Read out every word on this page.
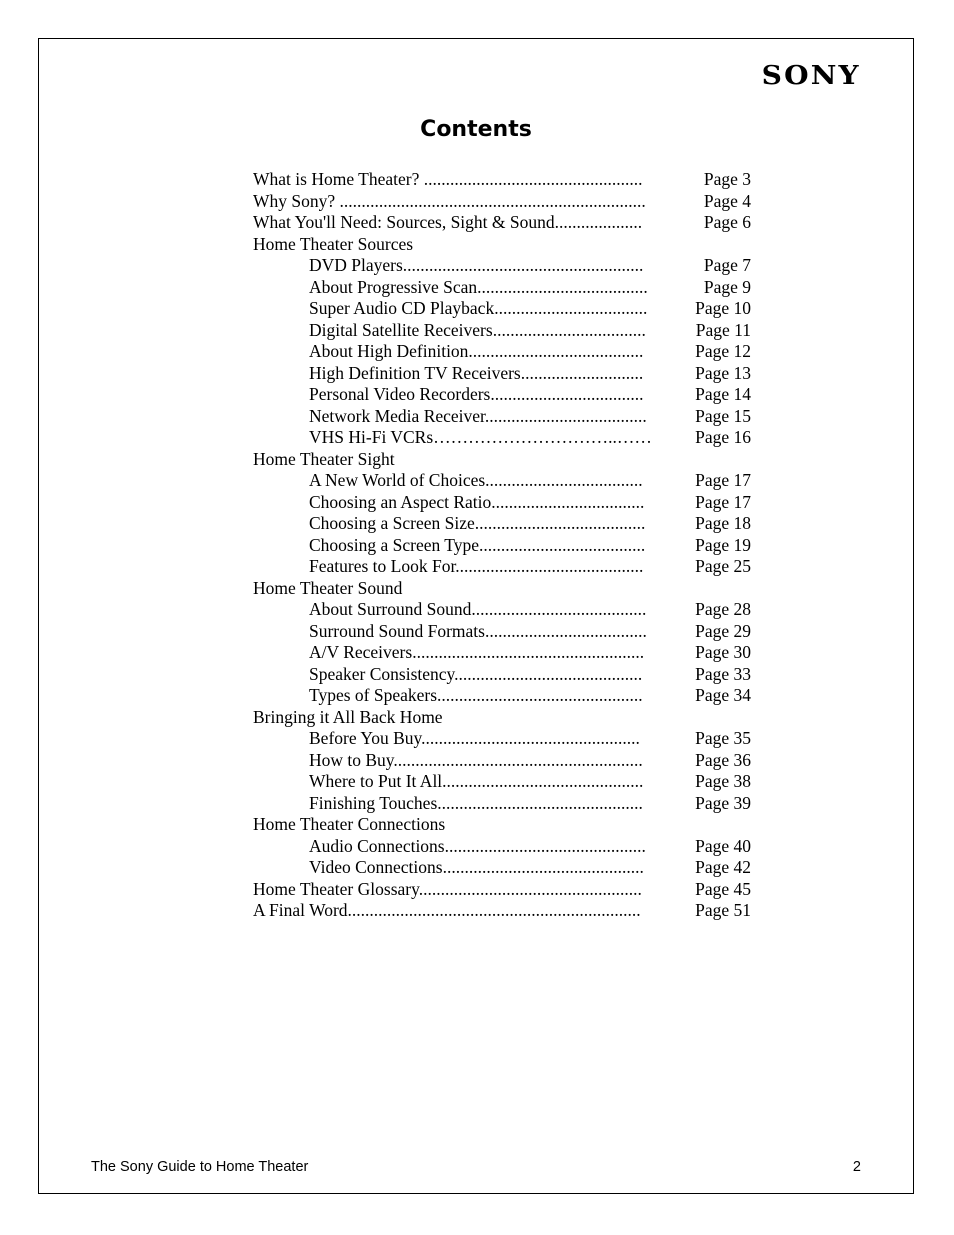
SONY
Contents
What is Home Theater? ..................................................	Page 3
Why Sony? ......................................................................	Page 4
What You'll Need: Sources, Sight & Sound....................	Page 6
Home Theater Sources
DVD Players.......................................................	Page 7
About Progressive Scan.......................................	Page 9
Super Audio CD Playback...................................	Page 10
Digital Satellite Receivers...................................	Page 11
About High Definition........................................	Page 12
High Definition TV Receivers............................	Page 13
Personal Video Recorders...................................	Page 14
Network Media Receiver.....................................	Page 15
VHS Hi-Fi VCRs…………………………..……	Page 16
Home Theater Sight
A New World of Choices....................................	Page 17
Choosing an Aspect Ratio...................................	Page 17
Choosing a Screen Size.......................................	Page 18
Choosing a Screen Type......................................	Page 19
Features to Look For...........................................	Page 25
Home Theater Sound
About Surround Sound........................................	Page 28
Surround Sound Formats.....................................	Page 29
A/V Receivers.....................................................	Page 30
Speaker Consistency...........................................	Page 33
Types of Speakers...............................................	Page 34
Bringing it All Back Home
Before You Buy..................................................	Page 35
How to Buy.........................................................	Page 36
Where to Put It All..............................................	Page 38
Finishing Touches...............................................	Page 39
Home Theater Connections
Audio Connections..............................................	Page 40
Video Connections..............................................	Page 42
Home Theater Glossary...................................................	Page 45
A Final Word...................................................................	Page 51
The Sony Guide to Home Theater	2
